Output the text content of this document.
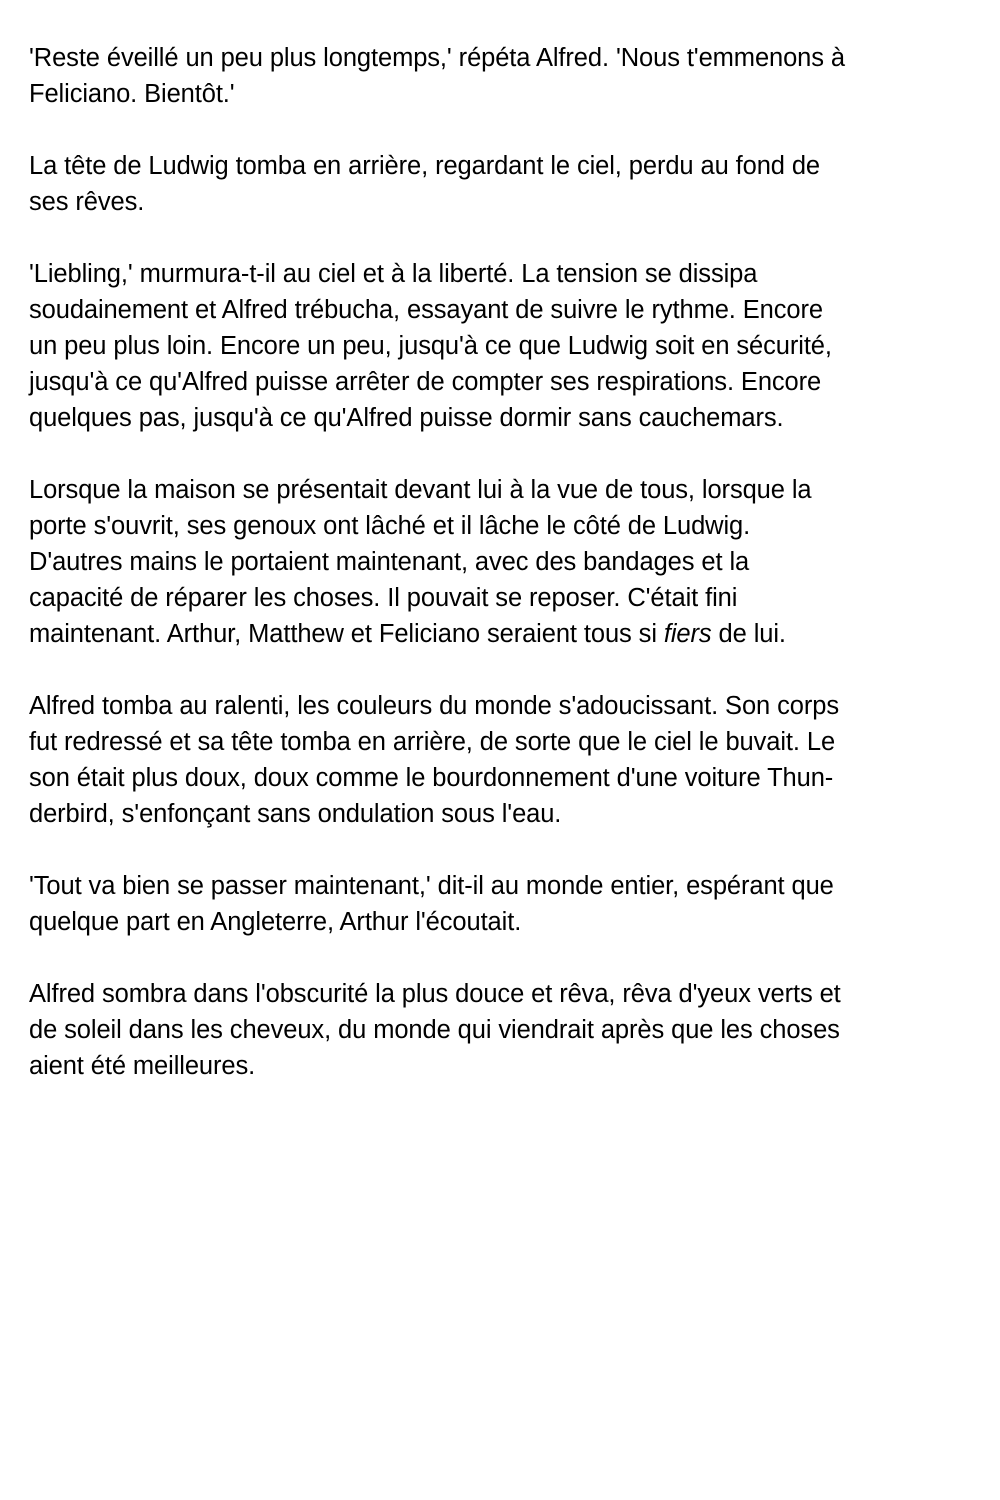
'Reste éveillé un peu plus longtemps,' répéta Alfred. 'Nous t'emmenons à
Feliciano. Bientôt.'

La tête de Ludwig tomba en arrière, regardant le ciel, perdu au fond de
ses rêves.

'Liebling,' murmura-t-il au ciel et à la liberté. La tension se dissipa
soudainement et Alfred trébucha, essayant de suivre le rythme. Encore
un peu plus loin. Encore un peu, jusqu'à ce que Ludwig soit en sécurité,
jusqu'à ce qu'Alfred puisse arrêter de compter ses respirations. Encore
quelques pas, jusqu'à ce qu'Alfred puisse dormir sans cauchemars.

Lorsque la maison se présentait devant lui à la vue de tous, lorsque la
porte s'ouvrit, ses genoux ont lâché et il lâche le côté de Ludwig.
D'autres mains le portaient maintenant, avec des bandages et la
capacité de réparer les choses. Il pouvait se reposer. C'était fini
maintenant. Arthur, Matthew et Feliciano seraient tous si fiers de lui.

Alfred tomba au ralenti, les couleurs du monde s'adoucissant. Son corps
fut redressé et sa tête tomba en arrière, de sorte que le ciel le buvait. Le
son était plus doux, doux comme le bourdonnement d'une voiture Thun-
derbird, s'enfonçant sans ondulation sous l'eau.

'Tout va bien se passer maintenant,' dit-il au monde entier, espérant que
quelque part en Angleterre, Arthur l'écoutait.

Alfred sombra dans l'obscurité la plus douce et rêva, rêva d'yeux verts et
de soleil dans les cheveux, du monde qui viendrait après que les choses
aient été meilleures.
